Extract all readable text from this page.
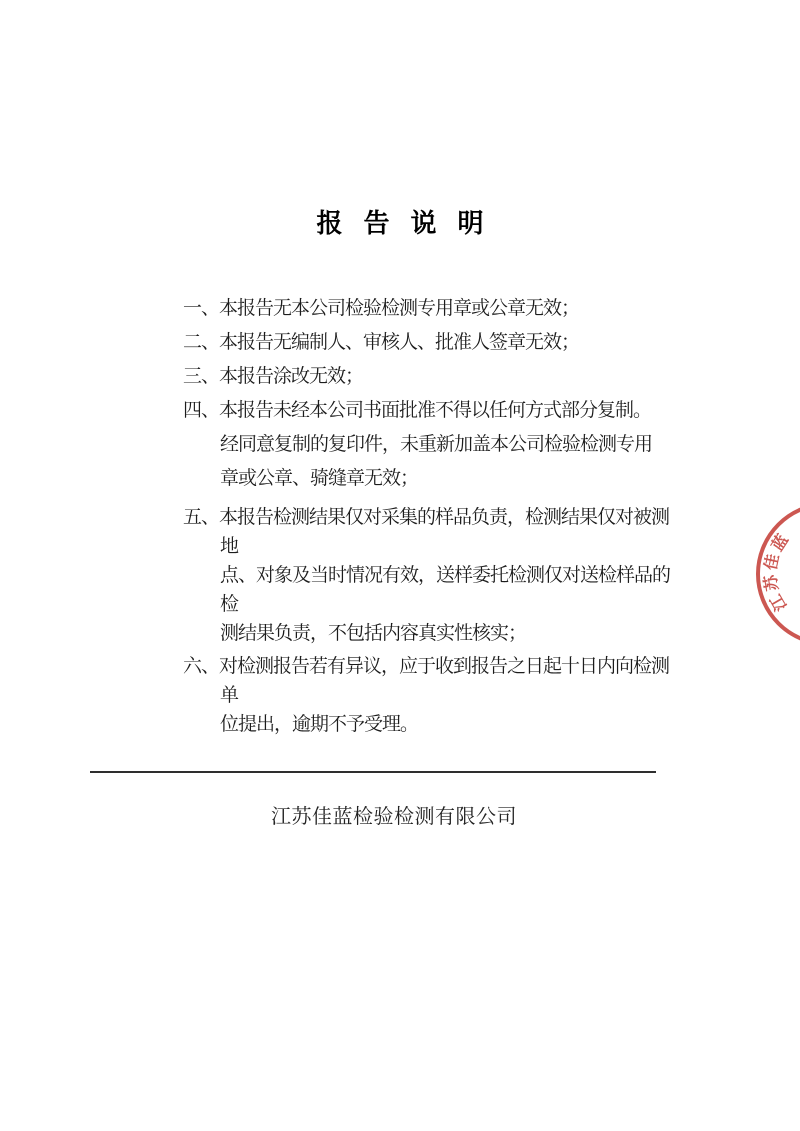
报告说明
一、本报告无本公司检验检测专用章或公章无效；
二、本报告无编制人、审核人、批准人签章无效；
三、本报告涂改无效；
四、本报告未经本公司书面批准不得以任何方式部分复制。
经同意复制的复印件，未重新加盖本公司检验检测专用
章或公章、骑缝章无效；
五、本报告检测结果仅对采集的样品负责，检测结果仅对被测地
点、对象及当时情况有效，送样委托检测仅对送检样品的检
测结果负责，不包括内容真实性核实；
六、对检测报告若有异议，应于收到报告之日起十日内向检测单
位提出，逾期不予受理。
江苏佳蓝检验检测有限公司
江
苏
佳
蓝
